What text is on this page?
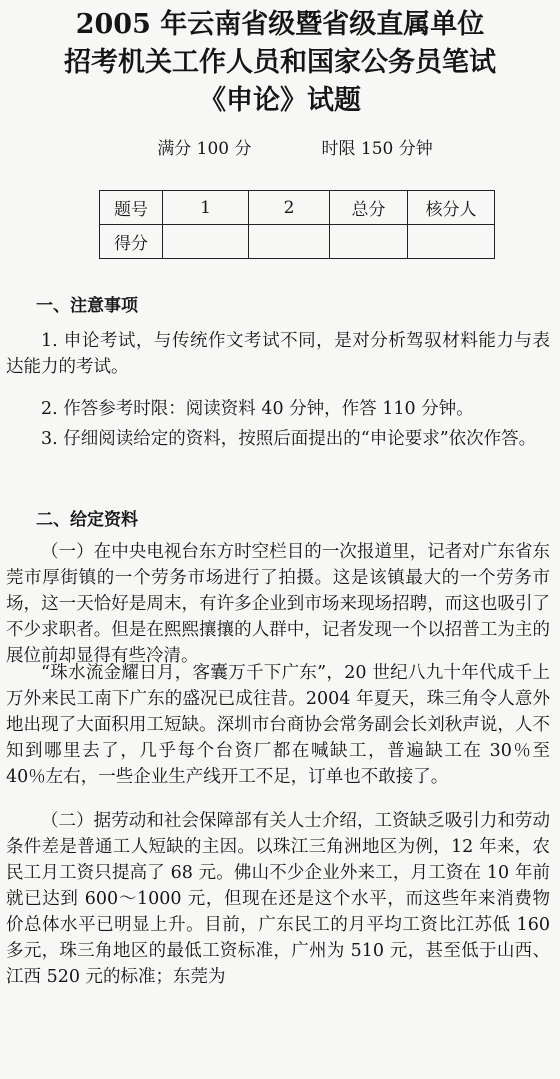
2005 年云南省级暨省级直属单位
招考机关工作人员和国家公务员笔试
《申论》试题
满分 100 分	时限 150 分钟
题号	1	2	总分	核分人
得分				
一、注意事项
1. 申论考试，与传统作文考试不同，是对分析驾驭材料能力与表达能力的考试。
2. 作答参考时限：阅读资料 40 分钟，作答 110 分钟。
3. 仔细阅读给定的资料，按照后面提出的“申论要求”依次作答。
二、给定资料
（一）在中央电视台东方时空栏目的一次报道里，记者对广东省东莞市厚街镇的一个劳务市场进行了拍摄。这是该镇最大的一个劳务市场，这一天恰好是周末，有许多企业到市场来现场招聘，而这也吸引了不少求职者。但是在熙熙攘攘的人群中，记者发现一个以招普工为主的展位前却显得有些冷清。
“珠水流金耀日月，客囊万千下广东”，20 世纪八九十年代成千上万外来民工南下广东的盛况已成往昔。2004 年夏天，珠三角令人意外地出现了大面积用工短缺。深圳市台商协会常务副会长刘秋声说，人不知到哪里去了，几乎每个台资厂都在喊缺工，普遍缺工在 30％至 40％左右，一些企业生产线开工不足，订单也不敢接了。
（二）据劳动和社会保障部有关人士介绍，工资缺乏吸引力和劳动条件差是普通工人短缺的主因。以珠江三角洲地区为例，12 年来，农民工月工资只提高了 68 元。佛山不少企业外来工，月工资在 10 年前就已达到 600～1000 元，但现在还是这个水平，而这些年来消费物价总体水平已明显上升。目前，广东民工的月平均工资比江苏低 160 多元，珠三角地区的最低工资标准，广州为 510 元，甚至低于山西、江西 520 元的标准；东莞为
